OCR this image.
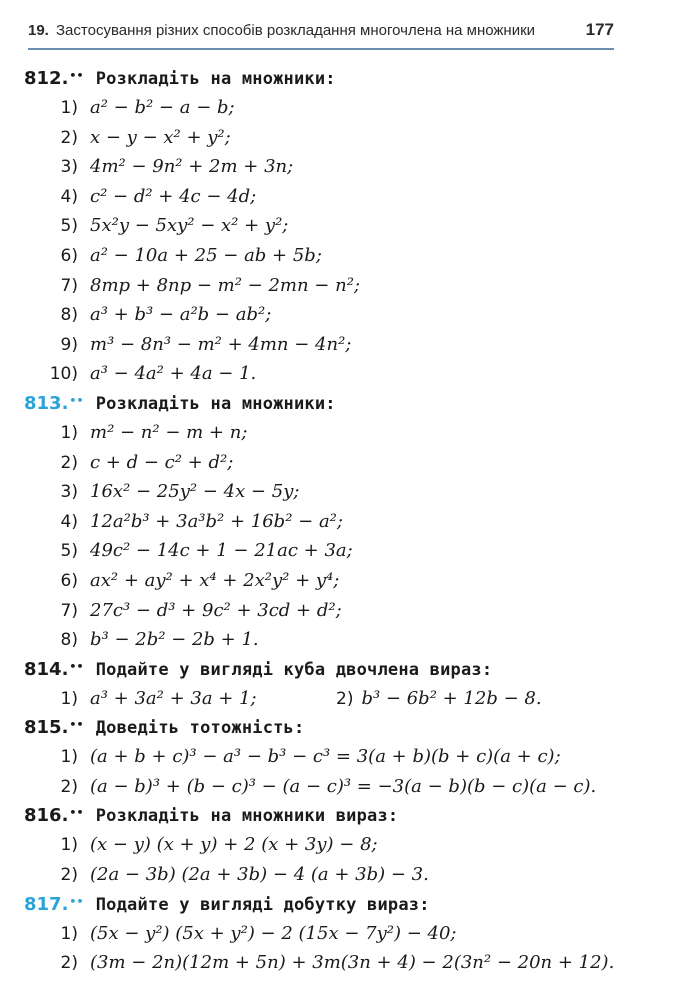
19. Застосування різних способів розкладання многочлена на множники	177
812.•• Розкладіть на множники:
1) a² − b² − a − b;
2) x − y − x² + y²;
3) 4m² − 9n² + 2m + 3n;
4) c² − d² + 4c − 4d;
5) 5x²y − 5xy² − x² + y²;
6) a² − 10a + 25 − ab + 5b;
7) 8mp + 8np − m² − 2mn − n²;
8) a³ + b³ − a²b − ab²;
9) m³ − 8n³ − m² + 4mn − 4n²;
10) a³ − 4a² + 4a − 1.
813.•• Розкладіть на множники:
1) m² − n² − m + n;
2) c + d − c² + d²;
3) 16x² − 25y² − 4x − 5y;
4) 12a²b³ + 3a³b² + 16b² − a²;
5) 49c² − 14c + 1 − 21ac + 3a;
6) ax² + ay² + x⁴ + 2x²y² + y⁴;
7) 27c³ − d³ + 9c² + 3cd + d²;
8) b³ − 2b² − 2b + 1.
814.•• Подайте у вигляді куба двочлена вираз:
1) a³ + 3a² + 3a + 1;	2) b³ − 6b² + 12b − 8.
815.•• Доведіть тотожність:
1) (a + b + c)³ − a³ − b³ − c³ = 3(a + b)(b + c)(a + c);
2) (a − b)³ + (b − c)³ − (a − c)³ = −3(a − b)(b − c)(a − c).
816.•• Розкладіть на множники вираз:
1) (x − y) (x + y) + 2 (x + 3y) − 8;
2) (2a − 3b) (2a + 3b) − 4 (a + 3b) − 3.
817.•• Подайте у вигляді добутку вираз:
1) (5x − y²) (5x + y²) − 2 (15x − 7y²) − 40;
2) (3m − 2n)(12m + 5n) + 3m(3n + 4) − 2(3n² − 20n + 12).
